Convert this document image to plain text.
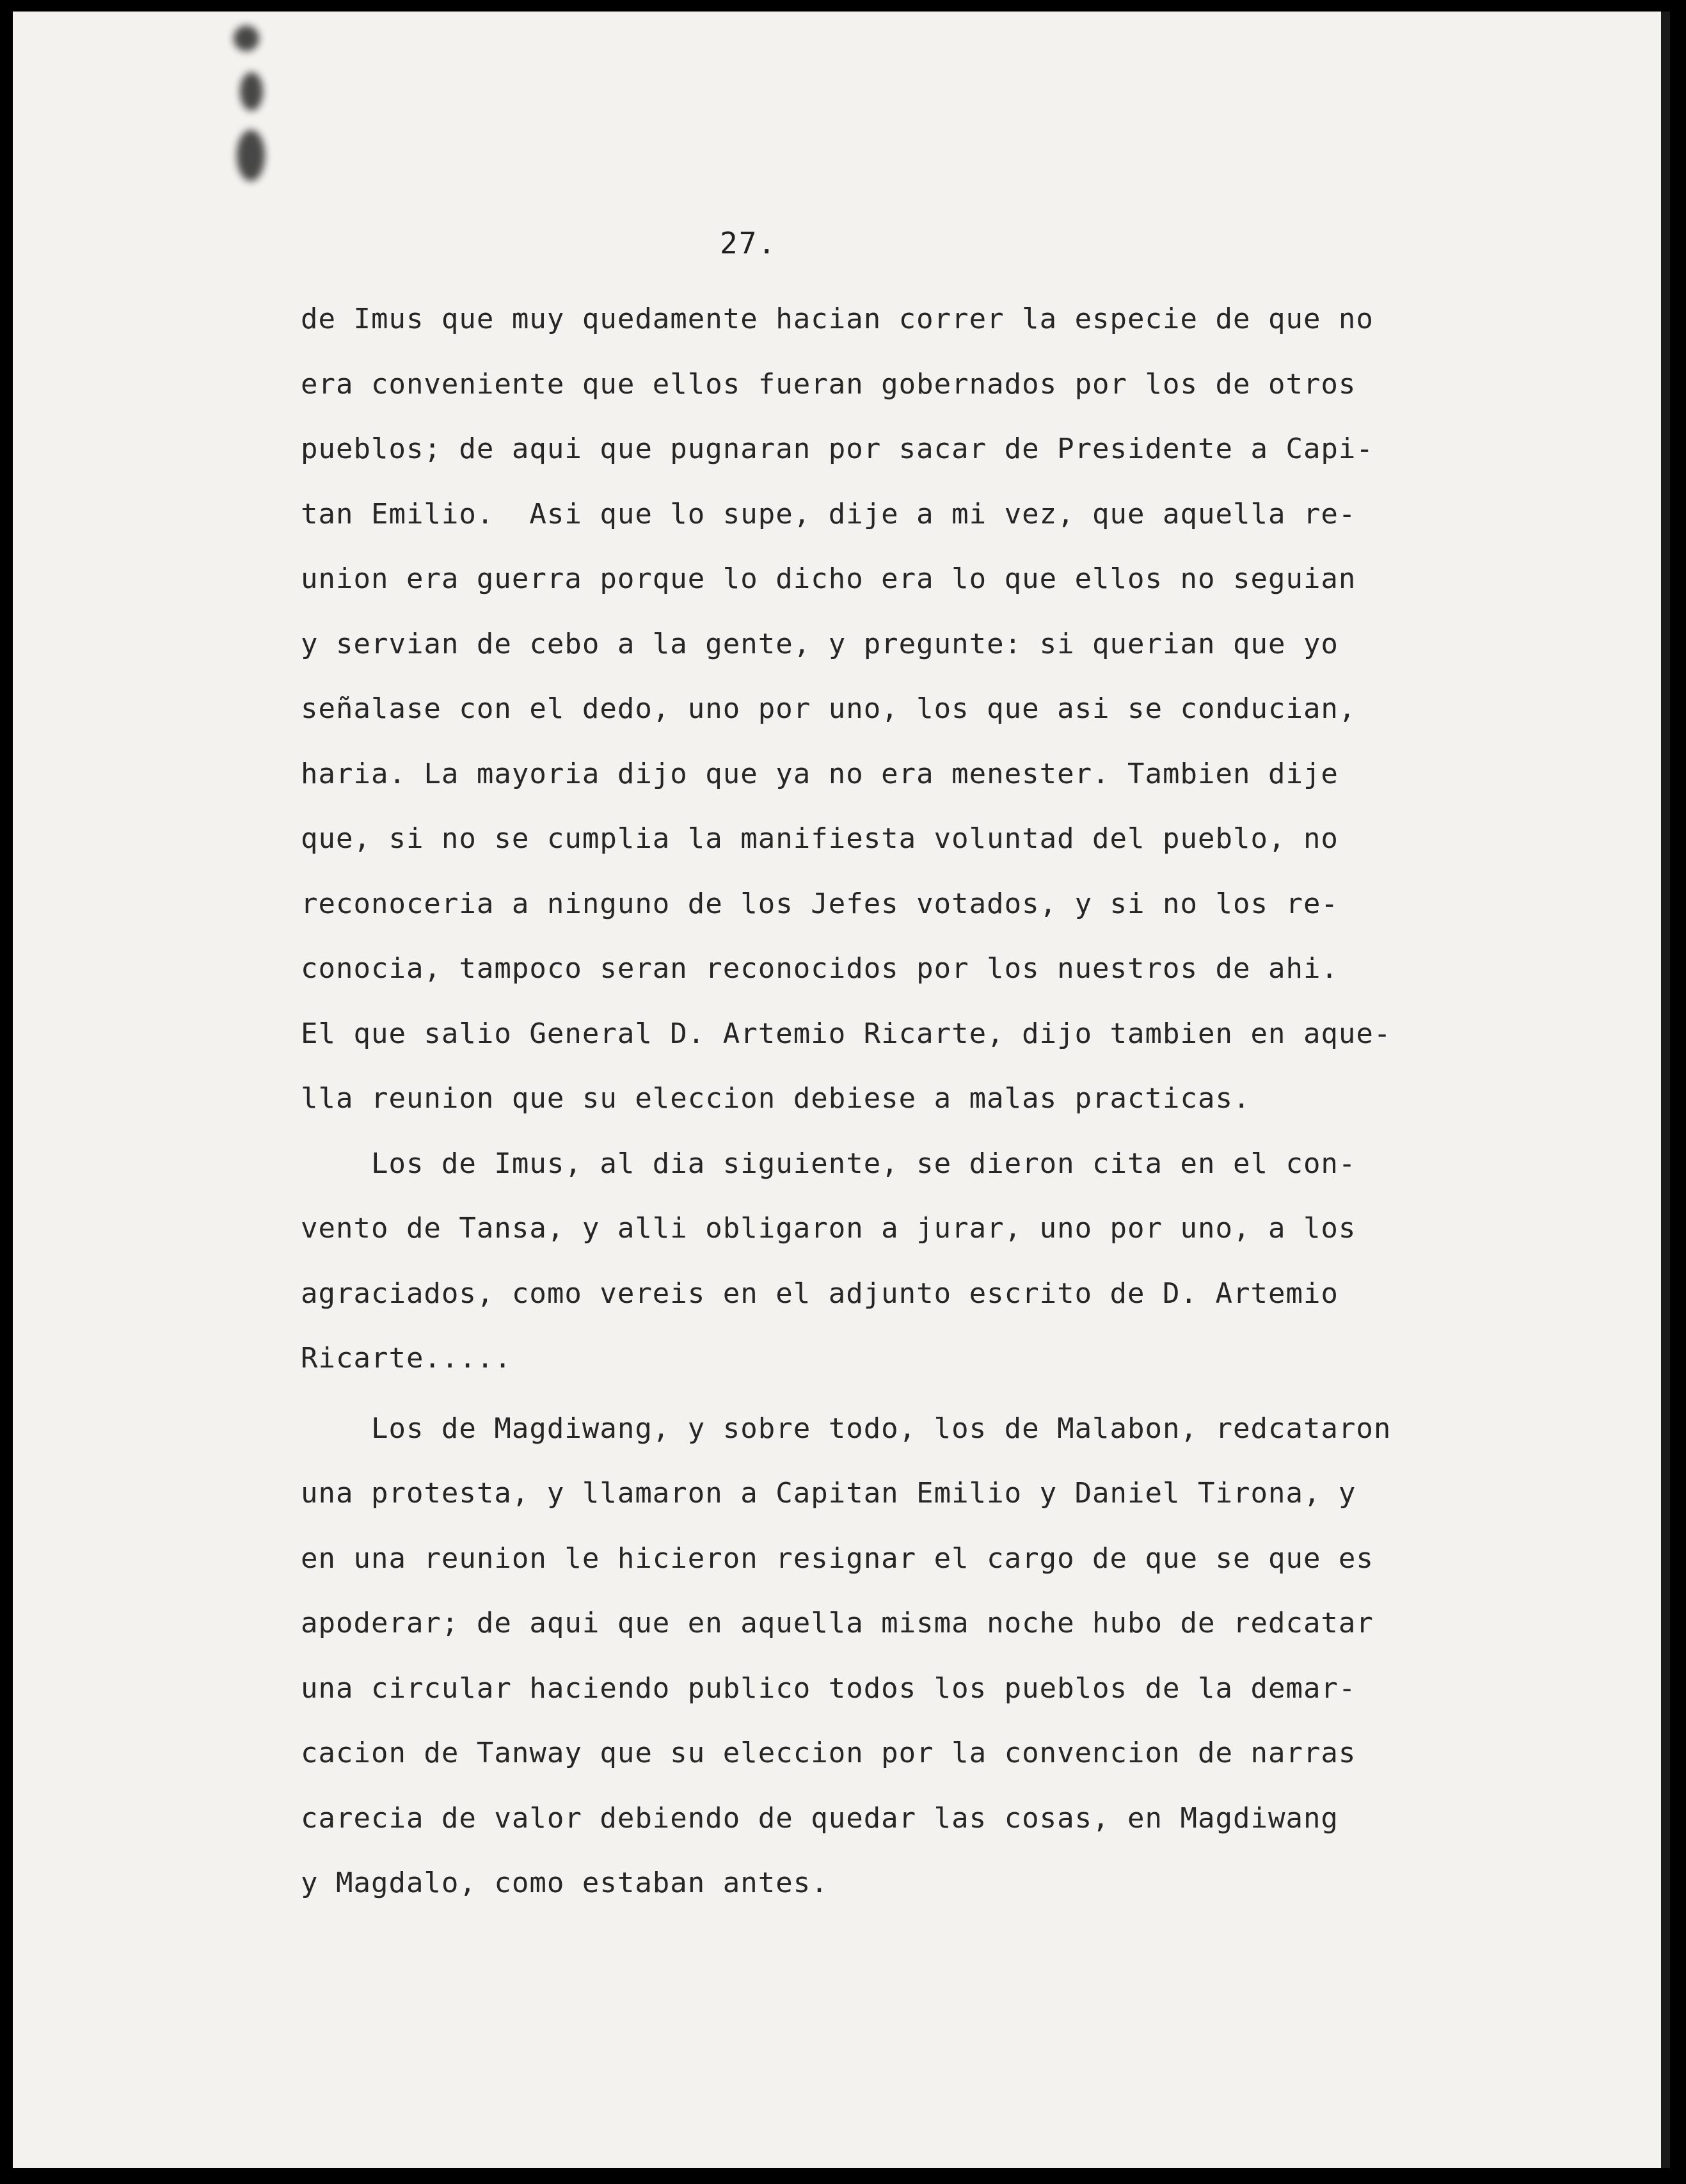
27.
de Imus que muy quedamente hacian correr la especie de que no
era conveniente que ellos fueran gobernados por los de otros
pueblos; de aqui que pugnaran por sacar de Presidente a Capi-
tan Emilio.  Asi que lo supe, dije a mi vez, que aquella re-
union era guerra porque lo dicho era lo que ellos no seguian
y servian de cebo a la gente, y pregunte: si querian que yo
señalase con el dedo, uno por uno, los que asi se conducian,
haria. La mayoria dijo que ya no era menester. Tambien dije
que, si no se cumplia la manifiesta voluntad del pueblo, no
reconoceria a ninguno de los Jefes votados, y si no los re-
conocia, tampoco seran reconocidos por los nuestros de ahi.
El que salio General D. Artemio Ricarte, dijo tambien en aque-
lla reunion que su eleccion debiese a malas practicas.
Los de Imus, al dia siguiente, se dieron cita en el con-
vento de Tansa, y alli obligaron a jurar, uno por uno, a los
agraciados, como vereis en el adjunto escrito de D. Artemio
Ricarte.....
Los de Magdiwang, y sobre todo, los de Malabon, redcataron
una protesta, y llamaron a Capitan Emilio y Daniel Tirona, y
en una reunion le hicieron resignar el cargo de que se que es
apoderar; de aqui que en aquella misma noche hubo de redcatar
una circular haciendo publico todos los pueblos de la demar-
cacion de Tanway que su eleccion por la convencion de narras
carecia de valor debiendo de quedar las cosas, en Magdiwang
y Magdalo, como estaban antes.
